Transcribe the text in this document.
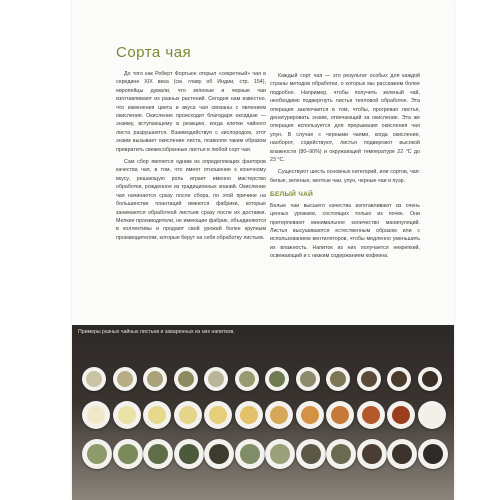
Сорта чая

До того как Роберт Фортьюн открыл «секретный» чая в середине XIX века (см. главу об Индии, стр. 154), европейцы думали, что зеленые и черные чаи изготавливают из разных растений. Сегодня нам известно, что изменения цвета и вкуса чая связаны с явлением окисления. Окисление происходит благодаря оксидазе — энзиму, вступающему в реакцию, когда клетки чайного листа разрушаются. Взаимодействуя с кислородом, этот энзим вызывает окисление листа, позволяя таким образом превратить свежесобранные листья в любой сорт чая.

Сам сбор является одним из определяющих факторов качества чая, в том, что имеет отношение к конечному вкусу, решающую роль играет именно мастерство обработки, рожденное из традиционных знаний. Окисление чая начинается сразу после сбора, по этой причине на большинстве плантаций имеются фабрики, которые занимаются обработкой листьев сразу после их доставки. Мелкие производители, не имеющие фабрик, объединяются в коллективы и продают свой урожай более крупным производителям, которые берут на себя обработку листьев.

Каждый сорт чая — это результат особых для каждой страны методов обработки, о которых мы расскажем более подробно. Например, чтобы получить зеленый чай, необходимо подвергнуть листья тепловой обработке. Эта операция заключается в том, чтобы, прогревая листья, денатурировать энзим, отвечающий за окисление. Эта же операция используется для прерывания окисления чая улун. В случае с черными чаями, когда окисление, наоборот, содействуют, листья подвергают высокой влажности (80–90%) и окружающей температуре 22 °C до 23 °C.

Существуют шесть основных категорий, или сортов, чая: белые, зеленые, желтые чаи, улун, черные чаи и пуэр.

БЕЛЫЙ ЧАЙ

Белые чаи высшего качества изготавливают из очень ценных урожаев, состоящих только из почек. Они претерпевают минимальное количество манипуляций. Листья высушиваются естественным образом или с использованием вентиляторов, чтобы медленно уменьшить их влажность. Напиток из них получается некрепкий, освежающий и с низким содержанием кофеина.

Примеры разных чайных листьев и заваренных из них напитков.
